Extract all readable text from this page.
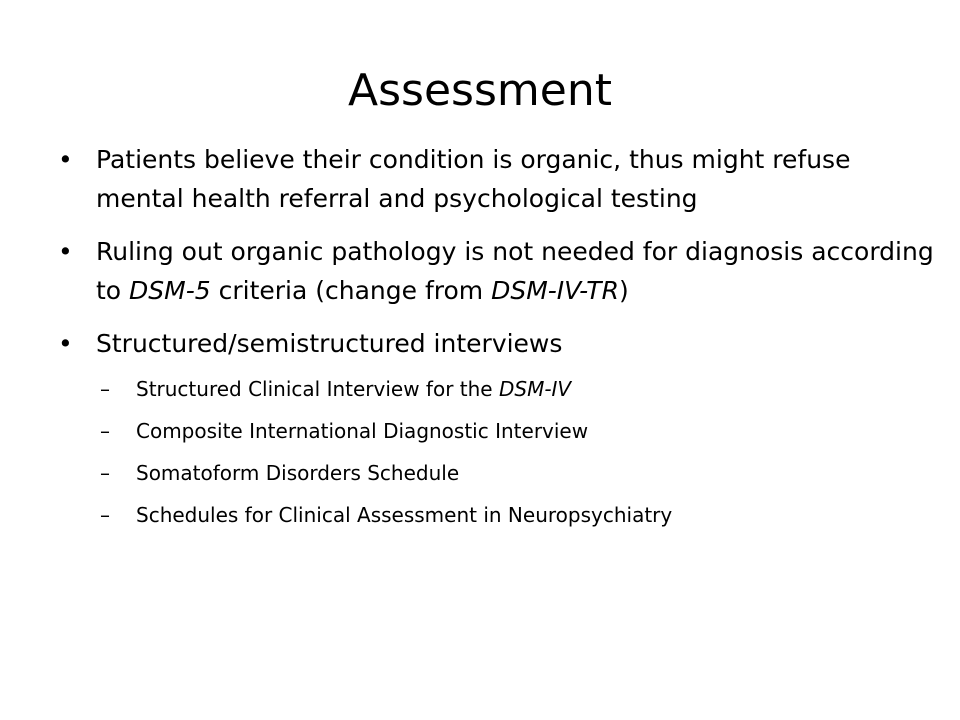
Assessment
• Patients believe their condition is organic, thus might refuse mental health referral and psychological testing
• Ruling out organic pathology is not needed for diagnosis according to DSM-5 criteria (change from DSM-IV-TR)
• Structured/semistructured interviews
– Structured Clinical Interview for the DSM-IV
– Composite International Diagnostic Interview
– Somatoform Disorders Schedule
– Schedules for Clinical Assessment in Neuropsychiatry
